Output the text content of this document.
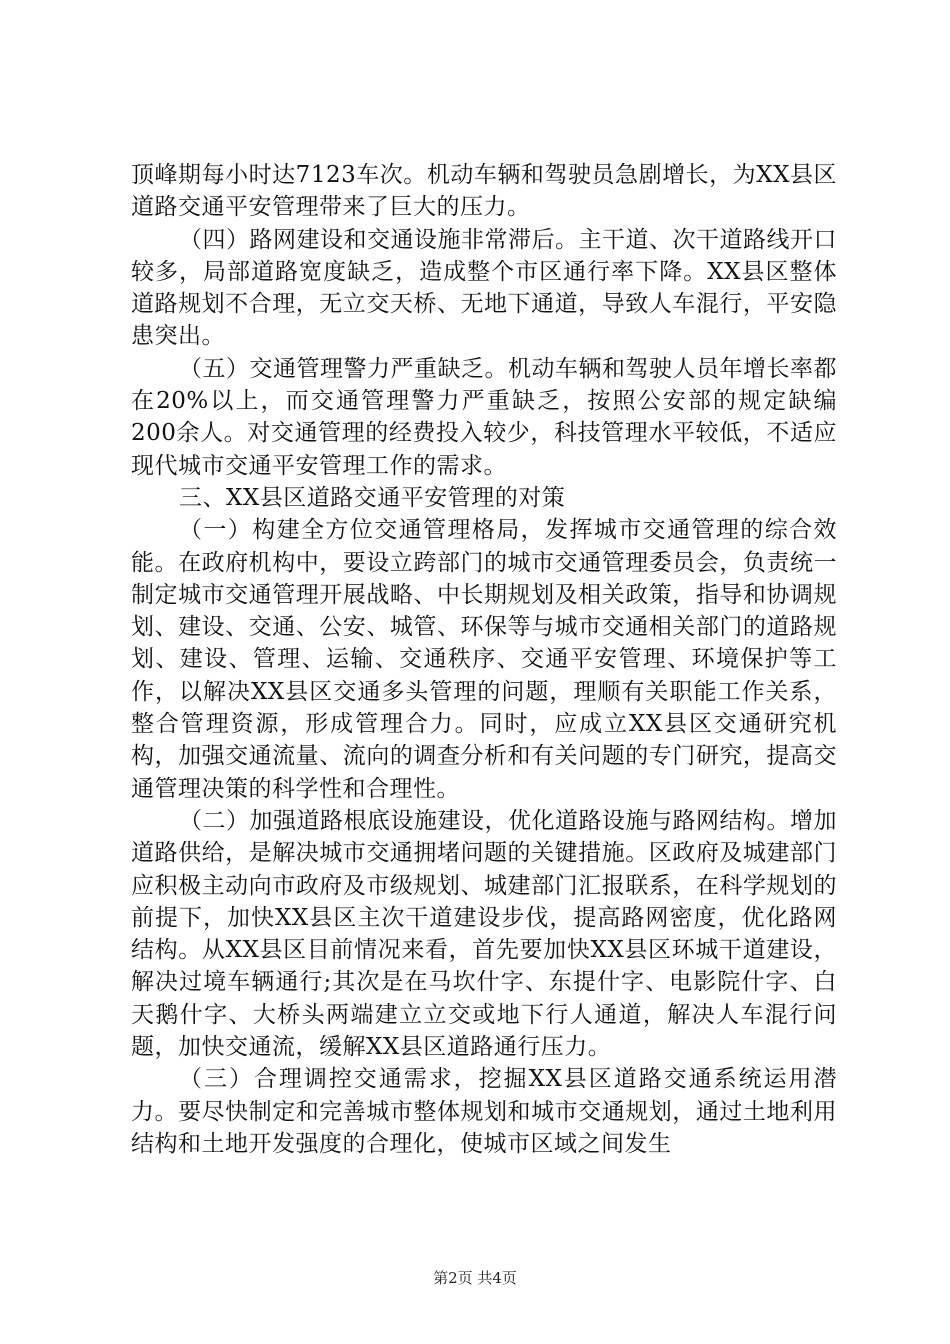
顶峰期每小时达7123车次。机动车辆和驾驶员急剧增长，为XX县区道路交通平安管理带来了巨大的压力。

（四）路网建设和交通设施非常滞后。主干道、次干道路线开口较多，局部道路宽度缺乏，造成整个市区通行率下降。XX县区整体道路规划不合理，无立交天桥、无地下通道，导致人车混行，平安隐患突出。

（五）交通管理警力严重缺乏。机动车辆和驾驶人员年增长率都在20%以上，而交通管理警力严重缺乏，按照公安部的规定缺编200余人。对交通管理的经费投入较少，科技管理水平较低，不适应现代城市交通平安管理工作的需求。

三、XX县区道路交通平安管理的对策

（一）构建全方位交通管理格局，发挥城市交通管理的综合效能。在政府机构中，要设立跨部门的城市交通管理委员会，负责统一制定城市交通管理开展战略、中长期规划及相关政策，指导和协调规划、建设、交通、公安、城管、环保等与城市交通相关部门的道路规划、建设、管理、运输、交通秩序、交通平安管理、环境保护等工作，以解决XX县区交通多头管理的问题，理顺有关职能工作关系，整合管理资源，形成管理合力。同时，应成立XX县区交通研究机构，加强交通流量、流向的调查分析和有关问题的专门研究，提高交通管理决策的科学性和合理性。

（二）加强道路根底设施建设，优化道路设施与路网结构。增加道路供给，是解决城市交通拥堵问题的关键措施。区政府及城建部门应积极主动向市政府及市级规划、城建部门汇报联系，在科学规划的前提下，加快XX县区主次干道建设步伐，提高路网密度，优化路网结构。从XX县区目前情况来看，首先要加快XX县区环城干道建设，解决过境车辆通行;其次是在马坎什字、东提什字、电影院什字、白天鹅什字、大桥头两端建立立交或地下行人通道，解决人车混行问题，加快交通流，缓解XX县区道路通行压力。

（三）合理调控交通需求，挖掘XX县区道路交通系统运用潜力。要尽快制定和完善城市整体规划和城市交通规划，通过土地利用结构和土地开发强度的合理化，使城市区域之间发生

第2页 共4页
